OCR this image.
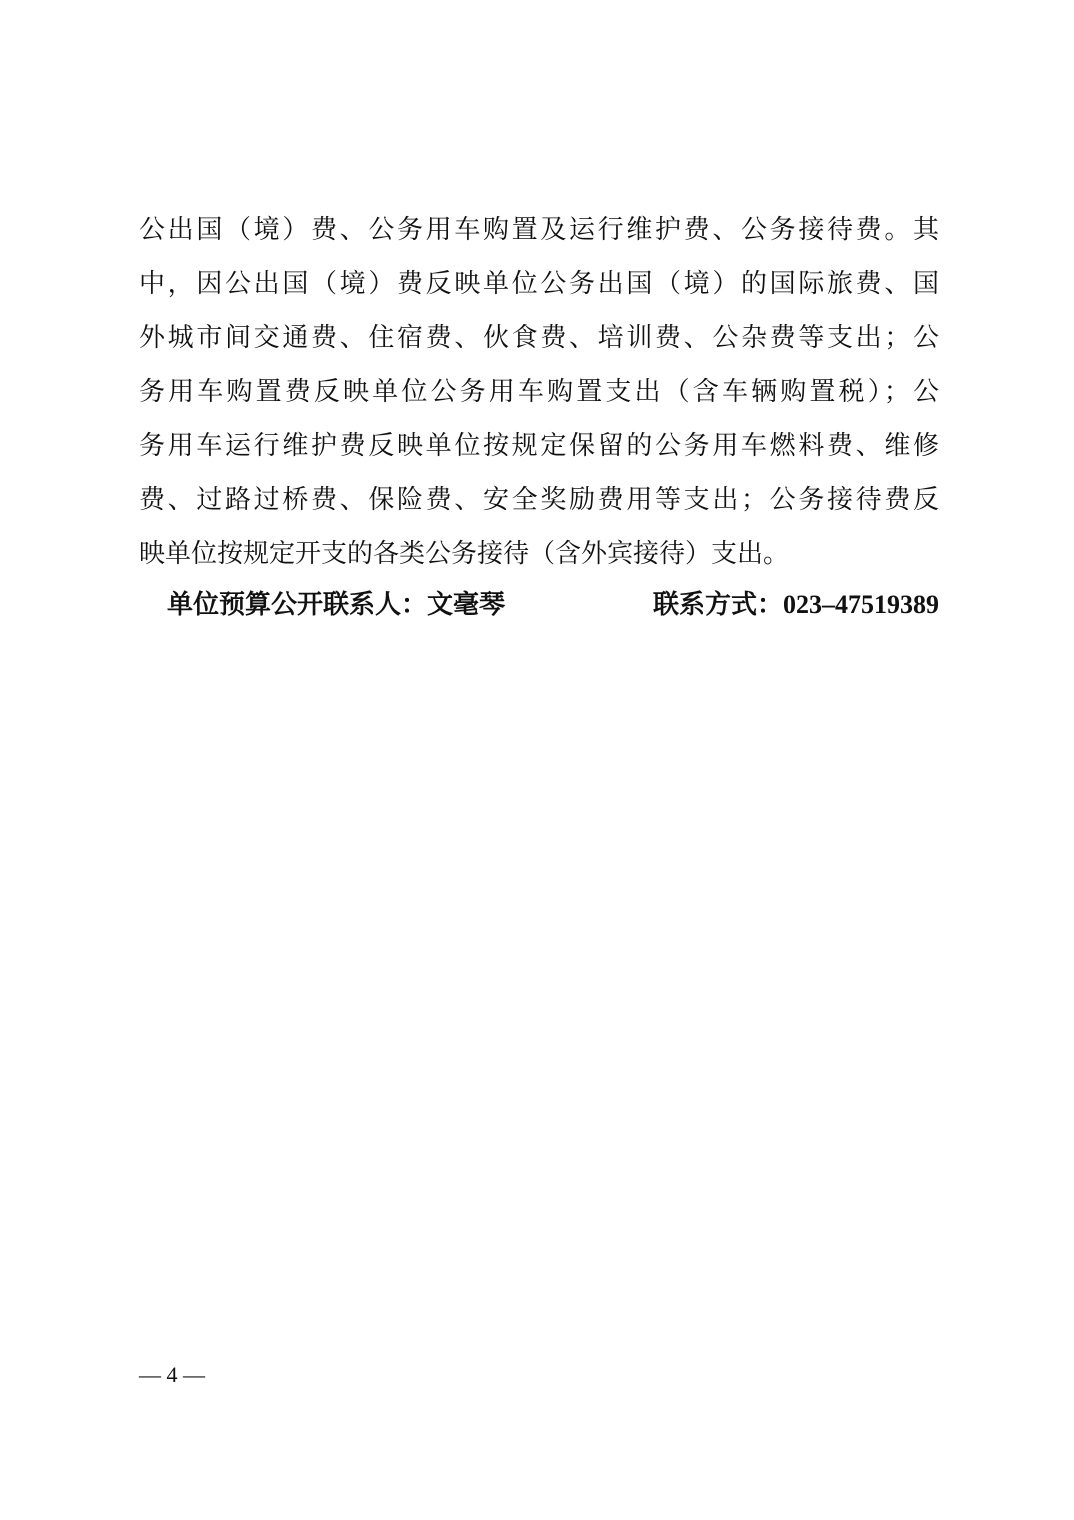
公出国（境）费、公务用车购置及运行维护费、公务接待费。其
中，因公出国（境）费反映单位公务出国（境）的国际旅费、国
外城市间交通费、住宿费、伙食费、培训费、公杂费等支出；公
务用车购置费反映单位公务用车购置支出（含车辆购置税）；公
务用车运行维护费反映单位按规定保留的公务用车燃料费、维修
费、过路过桥费、保险费、安全奖励费用等支出；公务接待费反
映单位按规定开支的各类公务接待（含外宾接待）支出。
单位预算公开联系人：文毫琴	联系方式：023–47519389
— 4 —
